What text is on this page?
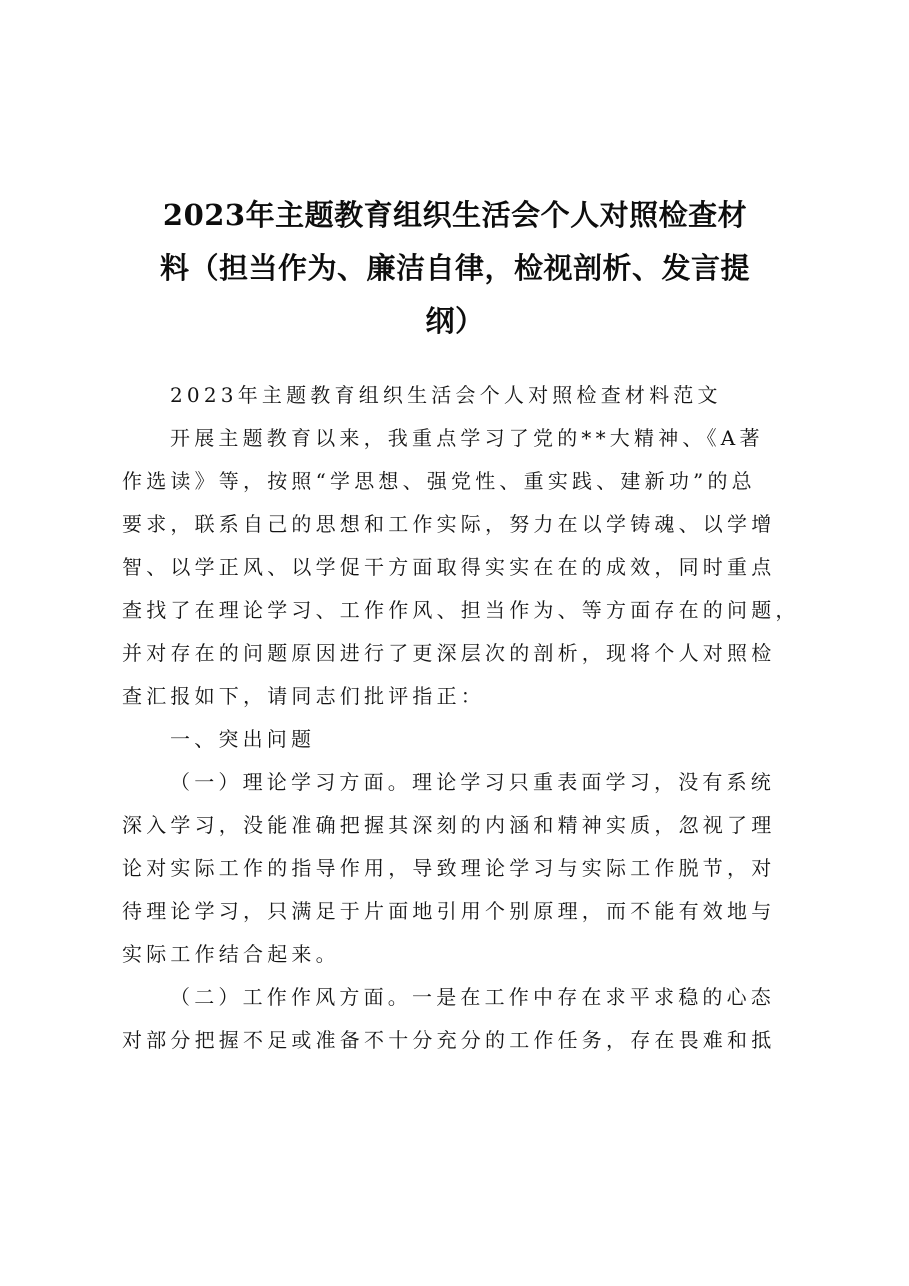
2023年主题教育组织生活会个人对照检查材
料（担当作为、廉洁自律，检视剖析、发言提
纲）
2023年主题教育组织生活会个人对照检查材料范文
开展主题教育以来，我重点学习了党的**大精神、《A著
作选读》等，按照“学思想、强党性、重实践、建新功”的总
要求，联系自己的思想和工作实际，努力在以学铸魂、以学增
智、以学正风、以学促干方面取得实实在在的成效，同时重点
查找了在理论学习、工作作风、担当作为、等方面存在的问题，
并对存在的问题原因进行了更深层次的剖析，现将个人对照检
查汇报如下，请同志们批评指正：
一、突出问题
（一）理论学习方面。理论学习只重表面学习，没有系统
深入学习，没能准确把握其深刻的内涵和精神实质，忽视了理
论对实际工作的指导作用，导致理论学习与实际工作脱节，对
待理论学习，只满足于片面地引用个别原理，而不能有效地与
实际工作结合起来。
（二）工作作风方面。一是在工作中存在求平求稳的心态
对部分把握不足或准备不十分充分的工作任务，存在畏难和抵
